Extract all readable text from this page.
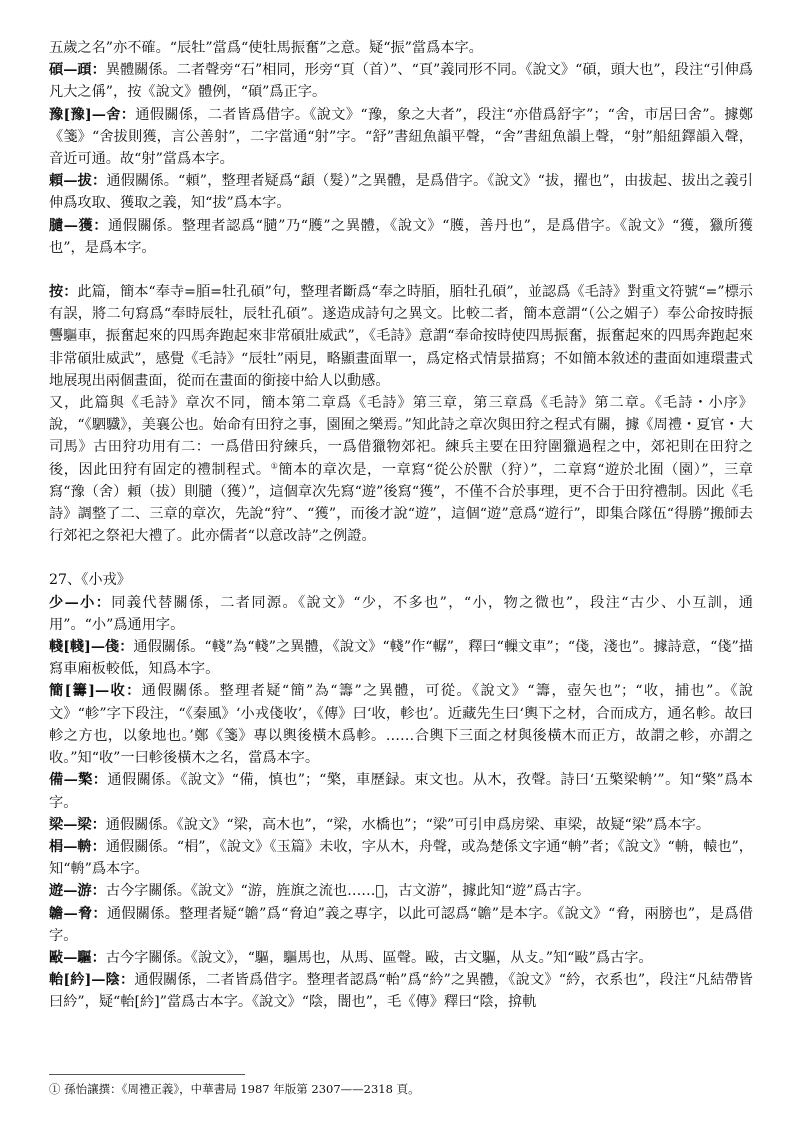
五歲之名”亦不確。“辰牡”當爲“使牡馬振奮”之意。疑“振”當爲本字。

碩—頙：異體關係。二者聲旁“石”相同，形旁“頁（首）”、“頁”義同形不同。《說文》“碩，頭大也”，段注“引伸爲凡大之偁”，按《說文》體例，“碩”爲正字。

豫[豫]—舍：通假關係，二者皆爲借字。《說文》“豫，象之大者”，段注“亦借爲舒字”；“舍，市居曰舍”。據鄭《箋》“舍拔則獲，言公善射”，二字當通“射”字。“舒”書紐魚韻平聲，“舍”書紐魚韻上聲，“射”船紐鐸韻入聲，音近可通。故“射”當爲本字。

頼—拔：通假關係。“頼”，整理者疑爲“頿（髮）”之異體，是爲借字。《說文》“拔，擢也”，由拔起、拔出之義引伸爲攻取、獲取之義，知“拔”爲本字。

䑊—獲：通假關係。整理者認爲“䑊”乃“臒”之異體，《說文》“臒，善丹也”，是爲借字。《說文》“獲，獵所獲也”，是爲本字。

按：此篇，簡本“奉寺=脜=牡孔碩”句，整理者斷爲“奉之時脜，脜牡孔碩”，並認爲《毛詩》對重文符號“=”標示有誤，將二句寫爲“奉時辰牡，辰牡孔碩”。遂造成詩句之異文。比較二者，簡本意謂“（公之媚子）奉公命按時振讋驅車，振奮起來的四馬奔跑起來非常碩壯威武”，《毛詩》意謂“奉命按時使四馬振奮，振奮起來的四馬奔跑起來非常碩壯威武”，感覺《毛詩》“辰牡”兩見，略顯畫面單一，爲定格式情景描寫；不如簡本敘述的畫面如連環畫式地展現出兩個畫面，從而在畫面的銜接中給人以動感。

又，此篇與《毛詩》章次不同，簡本第二章爲《毛詩》第三章，第三章爲《毛詩》第二章。《毛詩・小序》說，“《駟驖》，美襄公也。始命有田狩之事，園囿之樂焉。”知此詩之章次與田狩之程式有關，據《周禮・夏官・大司馬》古田狩功用有二：一爲借田狩練兵，一爲借獵物郊祀。練兵主要在田狩圍獵過程之中，郊祀則在田狩之後，因此田狩有固定的禮制程式。①簡本的章次是，一章寫“從公於獸（狩）”，二章寫“遊於北囿（園）”，三章寫“豫（舍）頼（拔）則䑊（獲）”，這個章次先寫“遊”後寫“獲”，不僅不合於事理，更不合于田狩禮制。因此《毛詩》調整了二、三章的章次，先說“狩”、“獲”，而後才說“遊”，這個“遊”意爲“遊行”，即集合隊伍“得勝”搬師去行郊祀之祭祀大禮了。此亦儒者“以意改詩”之例證。

27、《小戎》

少—小：同義代替關係，二者同源。《說文》“少，不多也”，“小，物之微也”，段注“古少、小互訓，通用”。“小”爲通用字。

輚[輚]—俴：通假關係。“輚”為“輚”之異體，《說文》“輚”作“轏”，釋曰“轈文車”；“俴，淺也”。據詩意，“俴”描寫車廂板較低，知爲本字。

簡[籌]—收：通假關係。整理者疑“簡”為“籌”之異體，可從。《說文》“籌，壺矢也”；“收，捕也”。《說文》“軫”字下段注，“《秦風》‘小戎俴收’，《傳》曰‘收，軫也’。近藏先生曰‘輿下之材，合而成方，通名軫。故曰軫之方也，以象地也。’鄭《箋》專以輿後橫木爲軫。……合輿下三面之材與後橫木而正方，故謂之軫，亦謂之收。”知“收”一曰軫後橫木之名，當爲本字。

備—檠：通假關係。《說文》“備，慎也”；“檠，車歷録。束文也。从木，孜聲。詩曰‘五檠梁輈’”。知“檠”爲本字。

梁—梁：通假關係。《說文》“梁，高木也”，“梁，水橋也”；“梁”可引申爲房梁、車梁，故疑“梁”爲本字。

梋—輈：通假關係。“梋”，《說文》《玉篇》未收，字从木，舟聲，或為楚係文字通“輈”者；《說文》“輈，轅也”，知“輈”爲本字。

遊—游：古今字關係。《說文》“游，旌旗之流也……𨒍，古文游”，據此知“遊”爲古字。

䪜—脅：通假關係。整理者疑“䪜”爲“脅迫”義之專字，以此可認爲“䪜”是本字。《說文》“脅，兩膀也”，是爲借字。

敺—驅：古今字關係。《說文》，“驅，驅馬也，从馬、區聲。敺，古文驅，从攴。”知“敺”爲古字。

軩[紟]—陰：通假關係，二者皆爲借字。整理者認爲“軩”爲“紟”之異體，《說文》“紟，衣系也”，段注“凡結帶皆曰紟”，疑“軩[紟]”當爲古本字。《說文》“陰，闇也”，毛《傳》釋曰“陰，揜軌

① 孫怡讓撰：《周禮正義》，中華書局 1987 年版第 2307——2318 頁。
